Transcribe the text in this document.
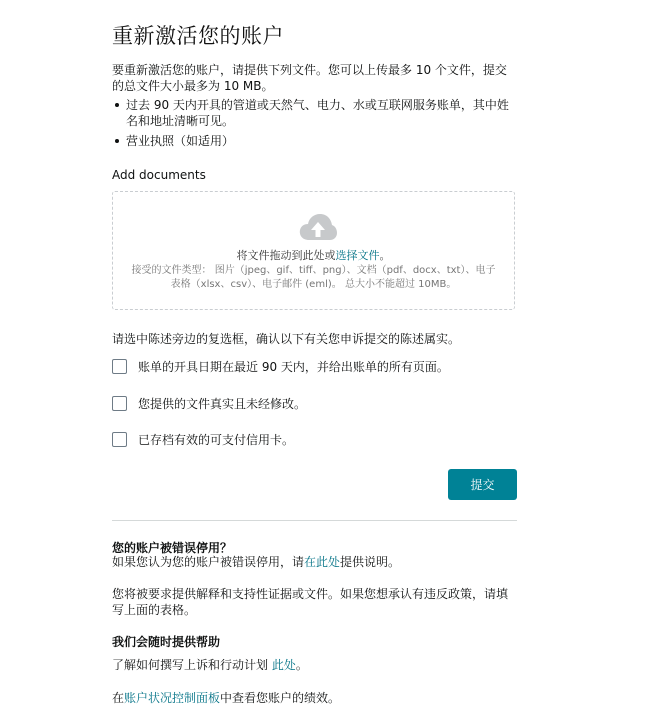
重新激活您的账户
要重新激活您的账户，请提供下列文件。您可以上传最多 10 个文件，提交的总文件大小最多为 10 MB。
过去 90 天内开具的管道或天然气、电力、水或互联网服务账单，其中姓名和地址清晰可见。
营业执照（如适用）
Add documents
将文件拖动到此处或选择文件。
接受的文件类型： 图片（jpeg、gif、tiff、png）、文档（pdf、docx、txt）、电子表格（xlsx、csv）、电子邮件 (eml)。 总大小不能超过 10MB。
请选中陈述旁边的复选框，确认以下有关您申诉提交的陈述属实。
账单的开具日期在最近 90 天内，并给出账单的所有页面。
您提供的文件真实且未经修改。
已存档有效的可支付信用卡。
提交
您的账户被错误停用？
如果您认为您的账户被错误停用，请在此处提供说明。
您将被要求提供解释和支持性证据或文件。如果您想承认有违反政策，请填写上面的表格。
我们会随时提供帮助
了解如何撰写上诉和行动计划 此处。
在账户状况控制面板中查看您账户的绩效。
